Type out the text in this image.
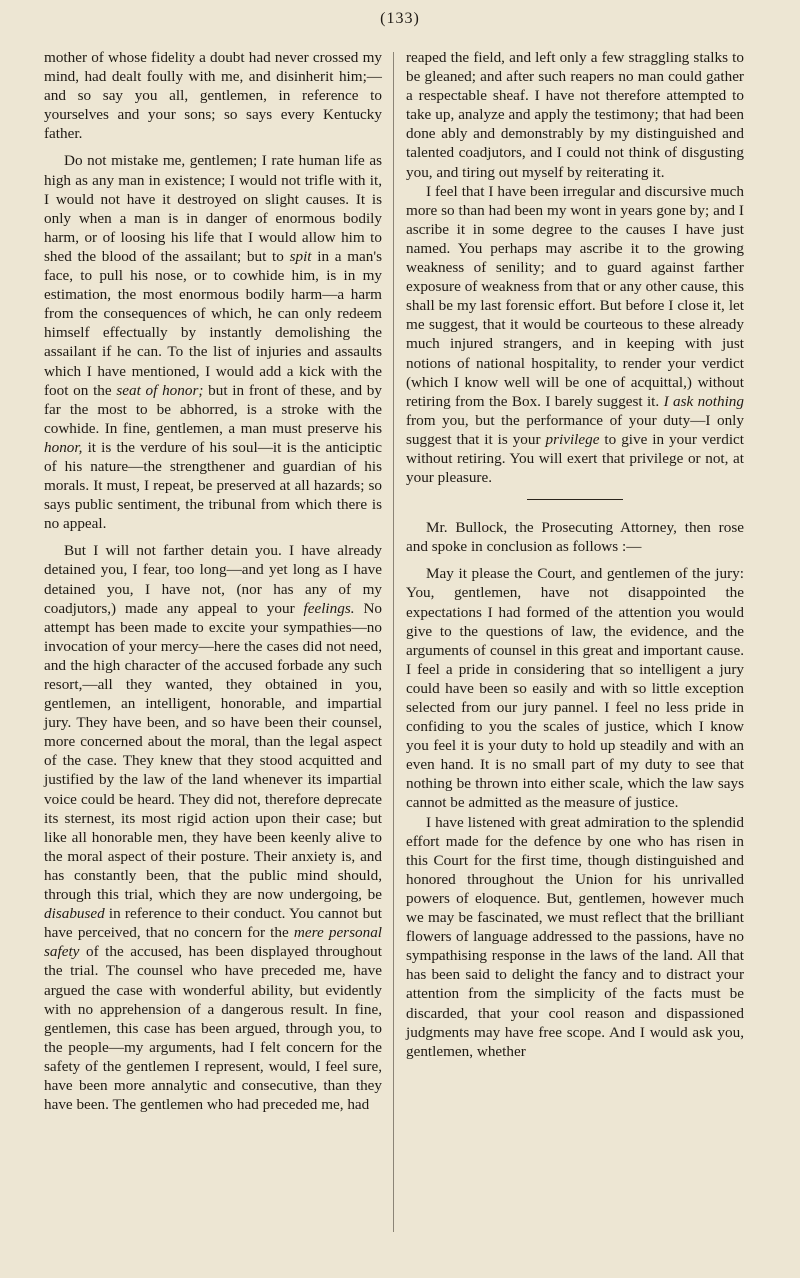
(133)

mother of whose fidelity a doubt had never crossed my mind, had dealt foully with me, and disinherit him;—and so say you all, gentlemen, in reference to yourselves and your sons; so says every Kentucky father.

Do not mistake me, gentlemen; I rate human life as high as any man in existence; I would not trifle with it, I would not have it destroyed on slight causes. It is only when a man is in danger of enormous bodily harm, or of loosing his life that I would allow him to shed the blood of the assailant; but to spit in a man's face, to pull his nose, or to cowhide him, is in my estimation, the most enormous bodily harm—a harm from the consequences of which, he can only redeem himself effectually by instantly demolishing the assailant if he can. To the list of injuries and assaults which I have mentioned, I would add a kick with the foot on the seat of honor; but in front of these, and by far the most to be abhorred, is a stroke with the cowhide. In fine, gentlemen, a man must preserve his honor, it is the verdure of his soul—it is the anticiptic of his nature—the strengthener and guardian of his morals. It must, I repeat, be preserved at all hazards; so says public sentiment, the tribunal from which there is no appeal.

But I will not farther detain you. I have already detained you, I fear, too long—and yet long as I have detained you, I have not, (nor has any of my coadjutors,) made any appeal to your feelings. No attempt has been made to excite your sympathies—no invocation of your mercy—here the cases did not need, and the high character of the accused forbade any such resort,—all they wanted, they obtained in you, gentlemen, an intelligent, honorable, and impartial jury. They have been, and so have been their counsel, more concerned about the moral, than the legal aspect of the case. They knew that they stood acquitted and justified by the law of the land whenever its impartial voice could be heard. They did not, therefore deprecate its sternest, its most rigid action upon their case; but like all honorable men, they have been keenly alive to the moral aspect of their posture. Their anxiety is, and has constantly been, that the public mind should, through this trial, which they are now undergoing, be disabused in reference to their conduct. You cannot but have perceived, that no concern for the mere personal safety of the accused, has been displayed throughout the trial. The counsel who have preceded me, have argued the case with wonderful ability, but evidently with no apprehension of a dangerous result. In fine, gentlemen, this case has been argued, through you, to the people—my arguments, had I felt concern for the safety of the gentlemen I represent, would, I feel sure, have been more annalytic and consecutive, than they have been. The gentlemen who had preceded me, had

reaped the field, and left only a few straggling stalks to be gleaned; and after such reapers no man could gather a respectable sheaf. I have not therefore attempted to take up, analyze and apply the testimony; that had been done ably and demonstrably by my distinguished and talented coadjutors, and I could not think of disgusting you, and tiring out myself by reiterating it.

I feel that I have been irregular and discursive much more so than had been my wont in years gone by; and I ascribe it in some degree to the causes I have just named. You perhaps may ascribe it to the growing weakness of senility; and to guard against farther exposure of weakness from that or any other cause, this shall be my last forensic effort. But before I close it, let me suggest, that it would be courteous to these already much injured strangers, and in keeping with just notions of national hospitality, to render your verdict (which I know well will be one of acquittal,) without retiring from the Box. I barely suggest it. I ask nothing from you, but the performance of your duty—I only suggest that it is your privilege to give in your verdict without retiring. You will exert that privilege or not, at your pleasure.

Mr. Bullock, the Prosecuting Attorney, then rose and spoke in conclusion as follows :—

May it please the Court, and gentlemen of the jury: You, gentlemen, have not disappointed the expectations I had formed of the attention you would give to the questions of law, the evidence, and the arguments of counsel in this great and important cause. I feel a pride in considering that so intelligent a jury could have been so easily and with so little exception selected from our jury pannel. I feel no less pride in confiding to you the scales of justice, which I know you feel it is your duty to hold up steadily and with an even hand. It is no small part of my duty to see that nothing be thrown into either scale, which the law says cannot be admitted as the measure of justice.

I have listened with great admiration to the splendid effort made for the defence by one who has risen in this Court for the first time, though distinguished and honored throughout the Union for his unrivalled powers of eloquence. But, gentlemen, however much we may be fascinated, we must reflect that the brilliant flowers of language addressed to the passions, have no sympathising response in the laws of the land. All that has been said to delight the fancy and to distract your attention from the simplicity of the facts must be discarded, that your cool reason and dispassioned judgments may have free scope. And I would ask you, gentlemen, whether
